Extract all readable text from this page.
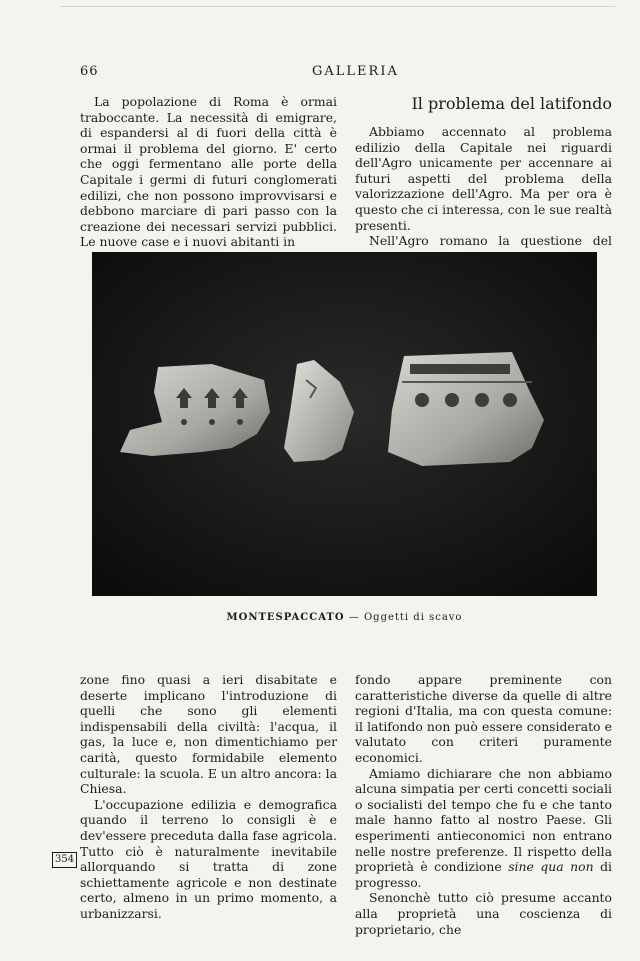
66	GALLERIA

La popolazione di Roma è ormai traboccante. La necessità di emigrare, di espandersi al di fuori della città è ormai il problema del giorno. E' certo che oggi fermentano alle porte della Capitale i germi di futuri conglomerati edilizi, che non possono improvvisarsi e debbono marciare di pari passo con la creazione dei necessari servizi pubblici. Le nuove case e i nuovi abitanti in

Il problema del latifondo

Abbiamo accennato al problema edilizio della Capitale nei riguardi dell'Agro unicamente per accennare ai futuri aspetti del problema della valorizzazione dell'Agro. Ma per ora è questo che ci interessa, con le sue realtà presenti.

Nell'Agro romano la questione del

MONTESPACCATO — Oggetti di scavo

zone fino quasi a ieri disabitate e deserte implicano l'introduzione di quelli che sono gli elementi indispensabili della civiltà: l'acqua, il gas, la luce e, non dimentichiamo per carità, questo formidabile elemento culturale: la scuola. E un altro ancora: la Chiesa.

L'occupazione edilizia e demografica quando il terreno lo consigli è e dev'essere preceduta dalla fase agricola. Tutto ciò è naturalmente inevitabile allorquando si tratta di zone schiettamente agricole e non destinate certo, almeno in un primo momento, a urbanizzarsi.

fondo appare preminente con caratteristiche diverse da quelle di altre regioni d'Italia, ma con questa comune: il latifondo non può essere considerato e valutato con criteri puramente economici.

Amiamo dichiarare che non abbiamo alcuna simpatia per certi concetti sociali o socialisti del tempo che fu e che tanto male hanno fatto al nostro Paese. Gli esperimenti antieconomici non entrano nelle nostre preferenze. Il rispetto della proprietà è condizione sine qua non di progresso.

Senonchè tutto ciò presume accanto alla proprietà una coscienza di proprietario, che

354
